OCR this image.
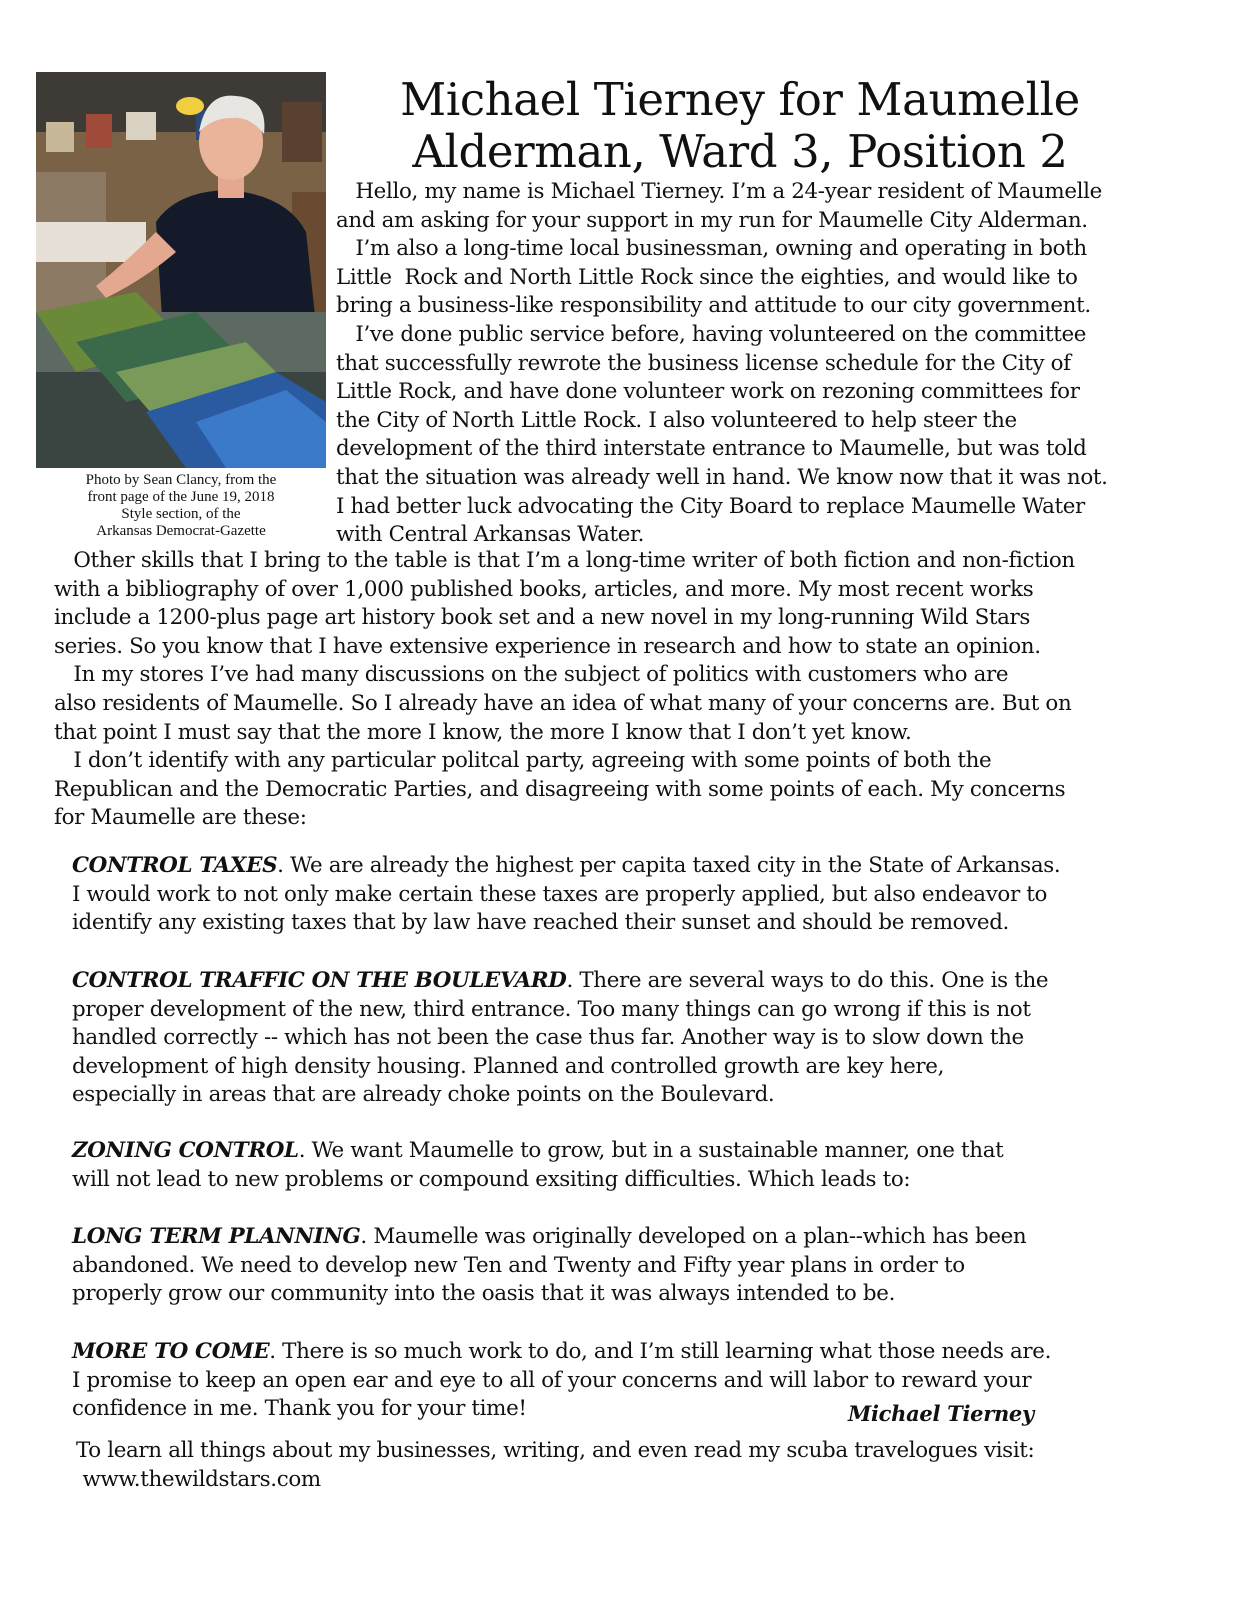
Photo by Sean Clancy, from the
front page of the June 19, 2018
Style section, of the
Arkansas Democrat-Gazette
Michael Tierney for Maumelle
Alderman, Ward 3, Position 2
Hello, my name is Michael Tierney. I’m a 24-year resident of Maumelle
and am asking for your support in my run for Maumelle City Alderman.
I’m also a long-time local businessman, owning and operating in both
Little  Rock and North Little Rock since the eighties, and would like to
bring a business-like responsibility and attitude to our city government.
I’ve done public service before, having volunteered on the committee
that successfully rewrote the business license schedule for the City of
Little Rock, and have done volunteer work on rezoning committees for
the City of North Little Rock. I also volunteered to help steer the
development of the third interstate entrance to Maumelle, but was told
that the situation was already well in hand. We know now that it was not.
I had better luck advocating the City Board to replace Maumelle Water
with Central Arkansas Water.
Other skills that I bring to the table is that I’m a long-time writer of both fiction and non-fiction
with a bibliography of over 1,000 published books, articles, and more. My most recent works
include a 1200-plus page art history book set and a new novel in my long-running Wild Stars
series. So you know that I have extensive experience in research and how to state an opinion.
In my stores I’ve had many discussions on the subject of politics with customers who are
also residents of Maumelle. So I already have an idea of what many of your concerns are. But on
that point I must say that the more I know, the more I know that I don’t yet know.
I don’t identify with any particular politcal party, agreeing with some points of both the
Republican and the Democratic Parties, and disagreeing with some points of each. My concerns
for Maumelle are these:
CONTROL TAXES. We are already the highest per capita taxed city in the State of Arkansas.
I would work to not only make certain these taxes are properly applied, but also endeavor to
identify any existing taxes that by law have reached their sunset and should be removed.
CONTROL TRAFFIC ON THE BOULEVARD. There are several ways to do this. One is the
proper development of the new, third entrance. Too many things can go wrong if this is not
handled correctly -- which has not been the case thus far. Another way is to slow down the
development of high density housing. Planned and controlled growth are key here,
especially in areas that are already choke points on the Boulevard.
ZONING CONTROL. We want Maumelle to grow, but in a sustainable manner, one that
will not lead to new problems or compound exsiting difficulties. Which leads to:
LONG TERM PLANNING. Maumelle was originally developed on a plan--which has been
abandoned. We need to develop new Ten and Twenty and Fifty year plans in order to
properly grow our community into the oasis that it was always intended to be.
MORE TO COME. There is so much work to do, and I’m still learning what those needs are.
I promise to keep an open ear and eye to all of your concerns and will labor to reward your
confidence in me. Thank you for your time!	Michael Tierney
To learn all things about my businesses, writing, and even read my scuba travelogues visit:
www.thewildstars.com
